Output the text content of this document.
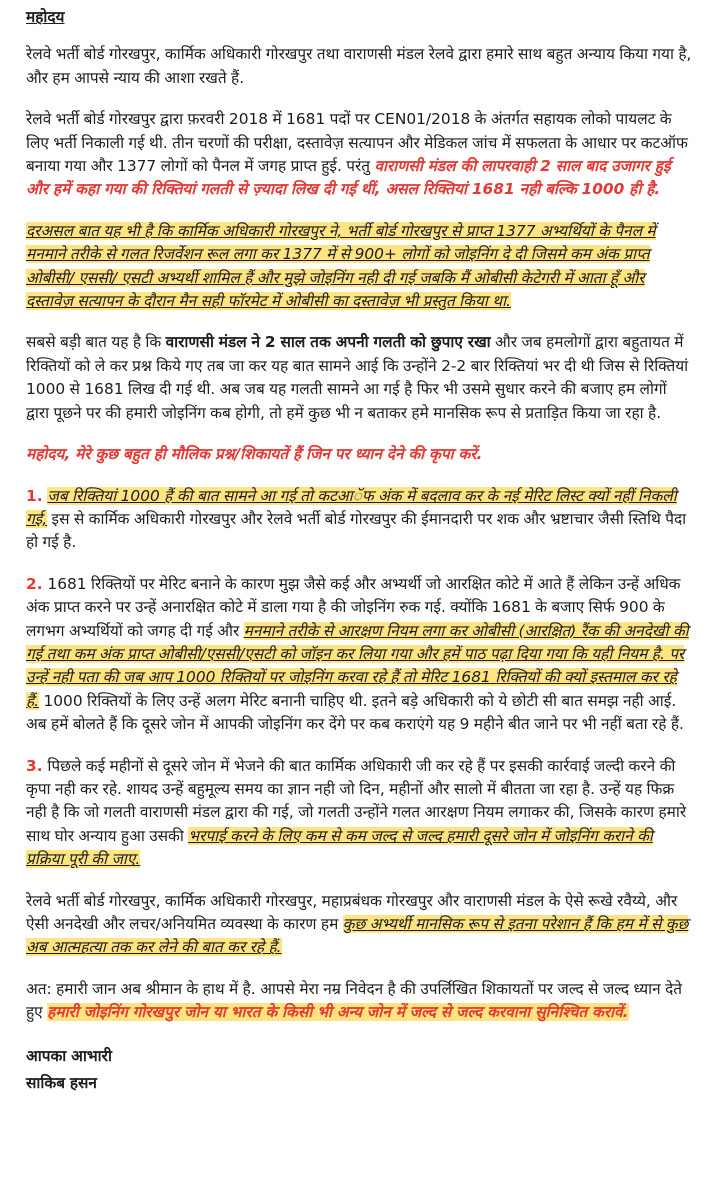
महोदय

रेलवे भर्ती बोर्ड गोरखपुर, कार्मिक अधिकारी गोरखपुर तथा वाराणसी मंडल रेलवे द्वारा हमारे साथ बहुत अन्याय किया गया है, और हम आपसे न्याय की आशा रखते हैं.

रेलवे भर्ती बोर्ड गोरखपुर द्वारा फ़रवरी 2018 में 1681 पदों पर CEN01/2018 के अंतर्गत सहायक लोको पायलट के लिए भर्ती निकाली गई थी. तीन चरणों की परीक्षा, दस्तावेज़ सत्यापन और मेडिकल जांच में सफलता के आधार पर कटऑफ बनाया गया और 1377 लोगों को पैनल में जगह प्राप्त हुई. परंतु वाराणसी मंडल की लापरवाही 2 साल बाद उजागर हुई और हमें कहा गया की रिक्तियां गलती से ज़्यादा लिख दी गई थीं, असल रिक्तियां 1681 नही बल्कि 1000 ही है.

दरअसल बात यह भी है कि कार्मिक अधिकारी गोरखपुर ने, भर्ती बोर्ड गोरखपुर से प्राप्त 1377 अभ्यर्थियों के पैनल में मनमाने तरीके से गलत रिजर्वेशन रूल लगा कर 1377 में से 900+ लोगों को जोइनिंग दे दी जिसमे कम अंक प्राप्त ओबीसी/ एससी/ एसटी अभ्यर्थी शामिल हैं और मुझे जोइनिंग नही दी गई जबकि मैं ओबीसी केटेगरी में आता हूँ और दस्तावेज़ सत्यापन के दौरान मैन सही फॉरमेट में ओबीसी का दस्तावेज़ भी प्रस्तुत किया था.

सबसे बड़ी बात यह है कि वाराणसी मंडल ने 2 साल तक अपनी गलती को छुपाए रखा और जब हमलोगों द्वारा बहुतायत में रिक्तियों को ले कर प्रश्न किये गए तब जा कर यह बात सामने आई कि उन्होंने 2-2 बार रिक्तियां भर दी थी जिस से रिक्तियां 1000 से 1681 लिख दी गई थी. अब जब यह गलती सामने आ गई है फिर भी उसमे सुधार करने की बजाए हम लोगों द्वारा पूछने पर की हमारी जोइनिंग कब होगी, तो हमें कुछ भी न बताकर हमे मानसिक रूप से प्रताड़ित किया जा रहा है.

महोदय, मेरे कुछ बहुत ही मौलिक प्रश्न/शिकायतें हैं जिन पर ध्यान देने की कृपा करें.

1. जब रिक्तियां 1000 हैं की बात सामने आ गई तो कटआॅफ अंक में बदलाव कर के नई मेरिट लिस्ट क्यों नहीं निकली गई, इस से कार्मिक अधिकारी गोरखपुर और रेलवे भर्ती बोर्ड गोरखपुर की ईमानदारी पर शक और भ्रष्टाचार जैसी स्तिथि पैदा हो गई है.

2. 1681 रिक्तियों पर मेरिट बनाने के कारण मुझ जैसे कई और अभ्यर्थी जो आरक्षित कोटे में आते हैं लेकिन उन्हें अधिक अंक प्राप्त करने पर उन्हें अनारक्षित कोटे में डाला गया है की जोइनिंग रुक गई. क्योंकि 1681 के बजाए सिर्फ 900 के लगभग अभ्यर्थियों को जगह दी गई और मनमाने तरीके से आरक्षण नियम लगा कर ओबीसी (आरक्षित) रैंक की अनदेखी की गई तथा कम अंक प्राप्त ओबीसी/एससी/एसटी को जॉइन कर लिया गया और हमें पाठ पढ़ा दिया गया कि यही नियम है. पर उन्हें नही पता की जब आप 1000 रिक्तियों पर जोइनिंग करवा रहे हैं तो मेरिट 1681 रिक्तियों की क्यों इस्तमाल कर रहे हैं. 1000 रिक्तियों के लिए उन्हें अलग मेरिट बनानी चाहिए थी. इतने बड़े अधिकारी को ये छोटी सी बात समझ नही आई. अब हमें बोलते हैं कि दूसरे जोन में आपकी जोइनिंग कर देंगे पर कब कराएंगे यह 9 महीने बीत जाने पर भी नहीं बता रहे हैं.

3. पिछले कई महीनों से दूसरे जोन में भेजने की बात कार्मिक अधिकारी जी कर रहे हैं पर इसकी कार्रवाई जल्दी करने की कृपा नही कर रहे. शायद उन्हें बहुमूल्य समय का ज्ञान नही जो दिन, महीनों और सालो में बीतता जा रहा है. उन्हें यह फिक्र नही है कि जो गलती वाराणसी मंडल द्वारा की गई, जो गलती उन्होंने गलत आरक्षण नियम लगाकर की, जिसके कारण हमारे साथ घोर अन्याय हुआ उसकी भरपाई करने के लिए कम से कम जल्द से जल्द हमारी दूसरे जोन में जोइनिंग कराने की प्रक्रिया पूरी की जाए.

रेलवे भर्ती बोर्ड गोरखपुर, कार्मिक अधिकारी गोरखपुर, महाप्रबंधक गोरखपुर और वाराणसी मंडल के ऐसे रूखे रवैय्ये, और ऐसी अनदेखी और लचर/अनियमित व्यवस्था के कारण हम कुछ अभ्यर्थी मानसिक रूप से इतना परेशान हैं कि हम में से कुछ अब आत्महत्या तक कर लेने की बात कर रहे हैं.

अत: हमारी जान अब श्रीमान के हाथ में है. आपसे मेरा नम्र निवेदन है की उपर्लिखित शिकायतों पर जल्द से जल्द ध्यान देते हुए हमारी जोइनिंग गोरखपुर जोन या भारत के किसी भी अन्य जोन में जल्द से जल्द करवाना सुनिश्चित करावें.

आपका आभारी

साकिब हसन
